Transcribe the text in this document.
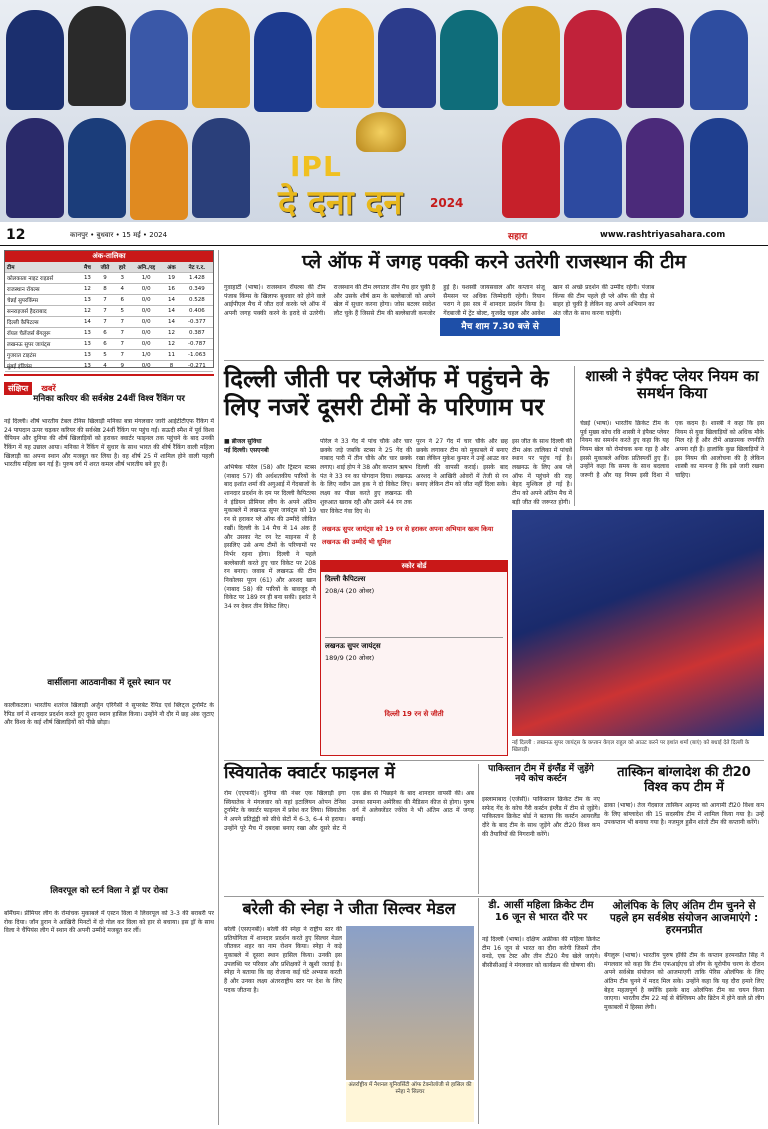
IPL
दे दना दन 2024
12	कानपुर • बुधवार • 15 मई • 2024	सहारा	www.rashtriyasahara.com
अंक-तालिका
टीम	मैच	जीते	हारे	अनि./रद्द	अंक	नेट र.र.
कोलकाता नाइट राइडर्स	13	9	3	1/0	19	1.428
राजस्थान रॉयल्स	12	8	4	0/0	16	0.349
चेन्नई सुपरकिंग्स	13	7	6	0/0	14	0.528
सनराइजर्स हैदराबाद	12	7	5	0/0	14	0.406
दिल्ली कैपिटल्स	14	7	7	0/0	14	-0.377
रॉयल चैलेंजर्स बेंगलुरू	13	6	7	0/0	12	0.387
लखनऊ सुपर जायंट्स	13	6	7	0/0	12	-0.787
गुजरात टाइटंस	13	5	7	1/0	11	-1.063
मुंबई इंडियंस	13	4	9	0/0	8	-0.271

संक्षिप्त खबरें
मनिका करियर की सर्वश्रेष्ठ 24वीं विश्व रैंकिंग पर
नई दिल्ली। शीर्ष भारतीय टेबल टेनिस खिलाड़ी मनिका बत्रा मंगलवार जारी आईटीटीएफ रैंकिंग में 24 पायदान ऊपर चढ़कर करियर की सर्वश्रेष्ठ 24वीं रैंकिंग पर पहुंच गईं। सऊदी स्मैश में पूर्व विश्व चैंपियन और दुनिया की शीर्ष खिलाड़ियों को हराकर क्वार्टर फाइनल तक पहुंचने के बाद उनकी रैंकिंग में यह उछाल आया। मनिका ने रैंकिंग में सुधार के साथ भारत की शीर्ष रैंकिंग वाली महिला खिलाड़ी का अपना स्थान और मजबूत कर लिया है। वह शीर्ष 25 में शामिल होने वाली पहली भारतीय महिला बन गई हैं। पुरुष वर्ग में शरत कमल शीर्ष भारतीय बने हुए हैं।
वार्सीलाना आठवानीका में दूसरे स्थान पर
कालीकटला। भारतीय शतरंज खिलाड़ी अर्जुन एरिगैसी ने सुपरबेट रैपिड एवं ब्लिट्ज टूर्नामेंट के रैपिड वर्ग में शानदार प्रदर्शन करते हुए दूसरा स्थान हासिल किया। उन्होंने नौ दौर में छह अंक जुटाए और विश्व के कई शीर्ष खिलाड़ियों को पीछे छोड़ा।
लिवरपूल को स्टर्न विला ने ड्रॉ पर रोका
बर्मिंघम। प्रीमियर लीग के रोमांचक मुकाबले में एस्टन विला ने लिवरपूल को 3-3 की बराबरी पर रोक दिया। जॉन डुरान ने आखिरी मिनटों में दो गोल कर विला को हार से बचाया। इस ड्रॉ के साथ विला ने चैंपियंस लीग में स्थान की अपनी उम्मीदें मजबूत कर लीं।
प्ले ऑफ में जगह पक्की करने उतरेगी राजस्थान की टीम
गुवाहाटी (भाषा)। राजस्थान रॉयल्स की टीम पंजाब किंग्स के खिलाफ बुधवार को होने वाले आईपीएल मैच में जीत दर्ज करके प्ले ऑफ में अपनी जगह पक्की करने के इरादे से उतरेगी। राजस्थान की टीम लगातार तीन मैच हार चुकी है और उसके शीर्ष क्रम के बल्लेबाजों को अपने खेल में सुधार करना होगा। जोस बटलर स्वदेश लौट चुके हैं जिससे टीम की बल्लेबाजी कमजोर हुई है। यशस्वी जायसवाल और कप्तान संजू सैमसन पर अधिक जिम्मेदारी रहेगी। रियान पराग ने इस सत्र में शानदार प्रदर्शन किया है। गेंदबाजी में ट्रेंट बोल्ट, युजवेंद्र चहल और आवेश खान से अच्छे प्रदर्शन की उम्मीद रहेगी। पंजाब किंग्स की टीम पहले ही प्ले ऑफ की दौड़ से बाहर हो चुकी है लेकिन वह अपने अभियान का अंत जीत के साथ करना चाहेगी।
मैच शाम 7.30 बजे से
दिल्ली जीती पर प्लेऑफ में पहुंचने के लिए नजरें दूसरी टीमों के परिणाम पर
■ ब्रीजल सुविधा
नई दिल्ली। एसएनबी
अभिषेक पोरेल (58) और ट्रिस्टन स्टब्स (नाबाद 57) की अर्धशतकीय पारियों के बाद इशांत शर्मा की अगुआई में गेंदबाजों के शानदार प्रदर्शन के दम पर दिल्ली कैपिटल्स ने इंडियन प्रीमियर लीग के अपने अंतिम मुकाबले में लखनऊ सुपर जायंट्स को 19 रन से हराकर प्ले ऑफ की उम्मीदें जीवित रखीं। दिल्ली के 14 मैच में 14 अंक हैं और उसका नेट रन रेट माइनस में है इसलिए उसे अन्य टीमों के परिणामों पर निर्भर रहना होगा। दिल्ली ने पहले बल्लेबाजी करते हुए चार विकेट पर 208 रन बनाए। जवाब में लखनऊ की टीम निकोलस पूरन (61) और अरशद खान (नाबाद 58) की पारियों के बावजूद नौ विकेट पर 189 रन ही बना सकी। इशांत ने 34 रन देकर तीन विकेट लिए।
पोरेल ने 33 गेंद में पांच चौके और चार छक्के जड़े जबकि स्टब्स ने 25 गेंद की नाबाद पारी में तीन चौके और चार छक्के लगाए। शाई होप ने 38 और कप्तान ऋषभ पंत ने 33 रन का योगदान दिया। लखनऊ के लिए नवीन उल हक ने दो विकेट लिए। लक्ष्य का पीछा करते हुए लखनऊ की शुरुआत खराब रही और उसने 44 रन तक चार विकेट गंवा दिए थे।
पूरन ने 27 गेंद में चार चौके और छह छक्के लगाकर टीम को मुकाबले में बनाए रखा लेकिन मुकेश कुमार ने उन्हें आउट कर दिल्ली की वापसी कराई। इसके बाद अरशद ने आखिरी ओवरों में तेजी से रन बनाए लेकिन टीम को जीत नहीं दिला सके।
इस जीत के साथ दिल्ली की टीम अंक तालिका में पांचवें स्थान पर पहुंच गई है। लखनऊ के लिए अब प्ले ऑफ में पहुंचने की राह बेहद मुश्किल हो गई है। टीम को अपने अंतिम मैच में बड़ी जीत की जरूरत होगी।
लखनऊ सुपर जायंट्स को 19 रन से हराकर अपना अभियान खत्म किया
लखनऊ की उम्मीदें भी धूमिल
स्कोर बोर्ड
दिल्ली कैपिटल्स
208/4 (20 ओवर)
लखनऊ सुपर जायंट्स
189/9 (20 ओवर)
दिल्ली 19 रन से जीती
नई दिल्ली : लखनऊ सुपर जायंट्स के कप्तान केएल राहुल को आउट करने पर इशांत शर्मा (बाएं) को बधाई देते दिल्ली के खिलाड़ी।
शास्त्री ने इंपैक्ट प्लेयर नियम का समर्थन किया
चेन्नई (भाषा)। भारतीय क्रिकेट टीम के पूर्व मुख्य कोच रवि शास्त्री ने इंपैक्ट प्लेयर नियम का समर्थन करते हुए कहा कि यह नियम खेल को रोमांचक बना रहा है और इससे मुकाबले अधिक प्रतिस्पर्धी हुए हैं। उन्होंने कहा कि समय के साथ बदलाव जरूरी है और यह नियम इसी दिशा में एक कदम है। शास्त्री ने कहा कि इस नियम से युवा खिलाड़ियों को अधिक मौके मिल रहे हैं और टीमें आक्रामक रणनीति अपना रही हैं। हालांकि कुछ खिलाड़ियों ने इस नियम की आलोचना की है लेकिन शास्त्री का मानना है कि इसे जारी रखना चाहिए।
स्वियातेक क्वार्टर फाइनल में
रोम (एएफपी)। दुनिया की नंबर एक खिलाड़ी इगा स्वियातेक ने मंगलवार को यहां इटालियन ओपन टेनिस टूर्नामेंट के क्वार्टर फाइनल में प्रवेश कर लिया। स्वियातेक ने अपने प्रतिद्वंद्वी को सीधे सेटों में 6-3, 6-4 से हराया। उन्होंने पूरे मैच में दबदबा बनाए रखा और दूसरे सेट में एक ब्रेक से पिछड़ने के बाद शानदार वापसी की। अब उनका सामना अमेरिका की मैडिसन कीज से होगा। पुरुष वर्ग में अलेक्जेंडर ज्वेरेव ने भी अंतिम आठ में जगह बनाई।
पाकिस्तान टीम में इंग्लैंड में जुड़ेंगे नये कोच कर्स्टन
इस्लामाबाद (एजेंसी)। पाकिस्तान क्रिकेट टीम के नए सफेद गेंद के कोच गैरी कर्स्टन इंग्लैंड में टीम से जुड़ेंगे। पाकिस्तान क्रिकेट बोर्ड ने बताया कि कर्स्टन आयरलैंड दौरे के बाद टीम के साथ जुड़ेंगे और टी20 विश्व कप की तैयारियों की निगरानी करेंगे।
तास्किन बांग्लादेश की टी20 विश्व कप टीम में
ढाका (भाषा)। तेज गेंदबाज तास्किन अहमद को आगामी टी20 विश्व कप के लिए बांग्लादेश की 15 सदस्यीय टीम में शामिल किया गया है। उन्हें उपकप्तान भी बनाया गया है। नजमुल हुसैन शांतो टीम की कप्तानी करेंगे।
बरेली की स्नेहा ने जीता सिल्वर मेडल
बरेली (एसएनबी)। बरेली की स्नेहा ने राष्ट्रीय स्तर की प्रतियोगिता में शानदार प्रदर्शन करते हुए सिल्वर मेडल जीतकर शहर का नाम रोशन किया। स्नेहा ने कड़े मुकाबले में दूसरा स्थान हासिल किया। उनकी इस उपलब्धि पर परिवार और प्रशिक्षकों ने खुशी जताई है। स्नेहा ने बताया कि वह रोजाना कई घंटे अभ्यास करती हैं और उनका लक्ष्य अंतरराष्ट्रीय स्तर पर देश के लिए पदक जीतना है।
अंतर्राष्ट्रीय में नैशनल यूनिवर्सिटी ऑफ टेक्नोलॉजी से हासिल की स्नेहा ने सिल्वर
डी. आर्सी महिला क्रिकेट टीम 16 जून से भारत दौरे पर
नई दिल्ली (भाषा)। दक्षिण अफ्रीका की महिला क्रिकेट टीम 16 जून से भारत का दौरा करेगी जिसमें तीन वनडे, एक टेस्ट और तीन टी20 मैच खेले जाएंगे। बीसीसीआई ने मंगलवार को कार्यक्रम की घोषणा की।
ओलंपिक के लिए अंतिम टीम चुनने से पहले हम सर्वश्रेष्ठ संयोजन आजमाएंगे : हरमनप्रीत
बेंगलुरू (भाषा)। भारतीय पुरुष हॉकी टीम के कप्तान हरमनप्रीत सिंह ने मंगलवार को कहा कि टीम एफआईएच प्रो लीग के यूरोपीय चरण के दौरान अपने सर्वश्रेष्ठ संयोजन को आजमाएगी ताकि पेरिस ओलंपिक के लिए अंतिम टीम चुनने में मदद मिल सके। उन्होंने कहा कि यह दौरा हमारे लिए बेहद महत्वपूर्ण है क्योंकि इसके बाद ओलंपिक टीम का चयन किया जाएगा। भारतीय टीम 22 मई से बेल्जियम और ब्रिटेन में होने वाले प्रो लीग मुकाबलों में हिस्सा लेगी।
